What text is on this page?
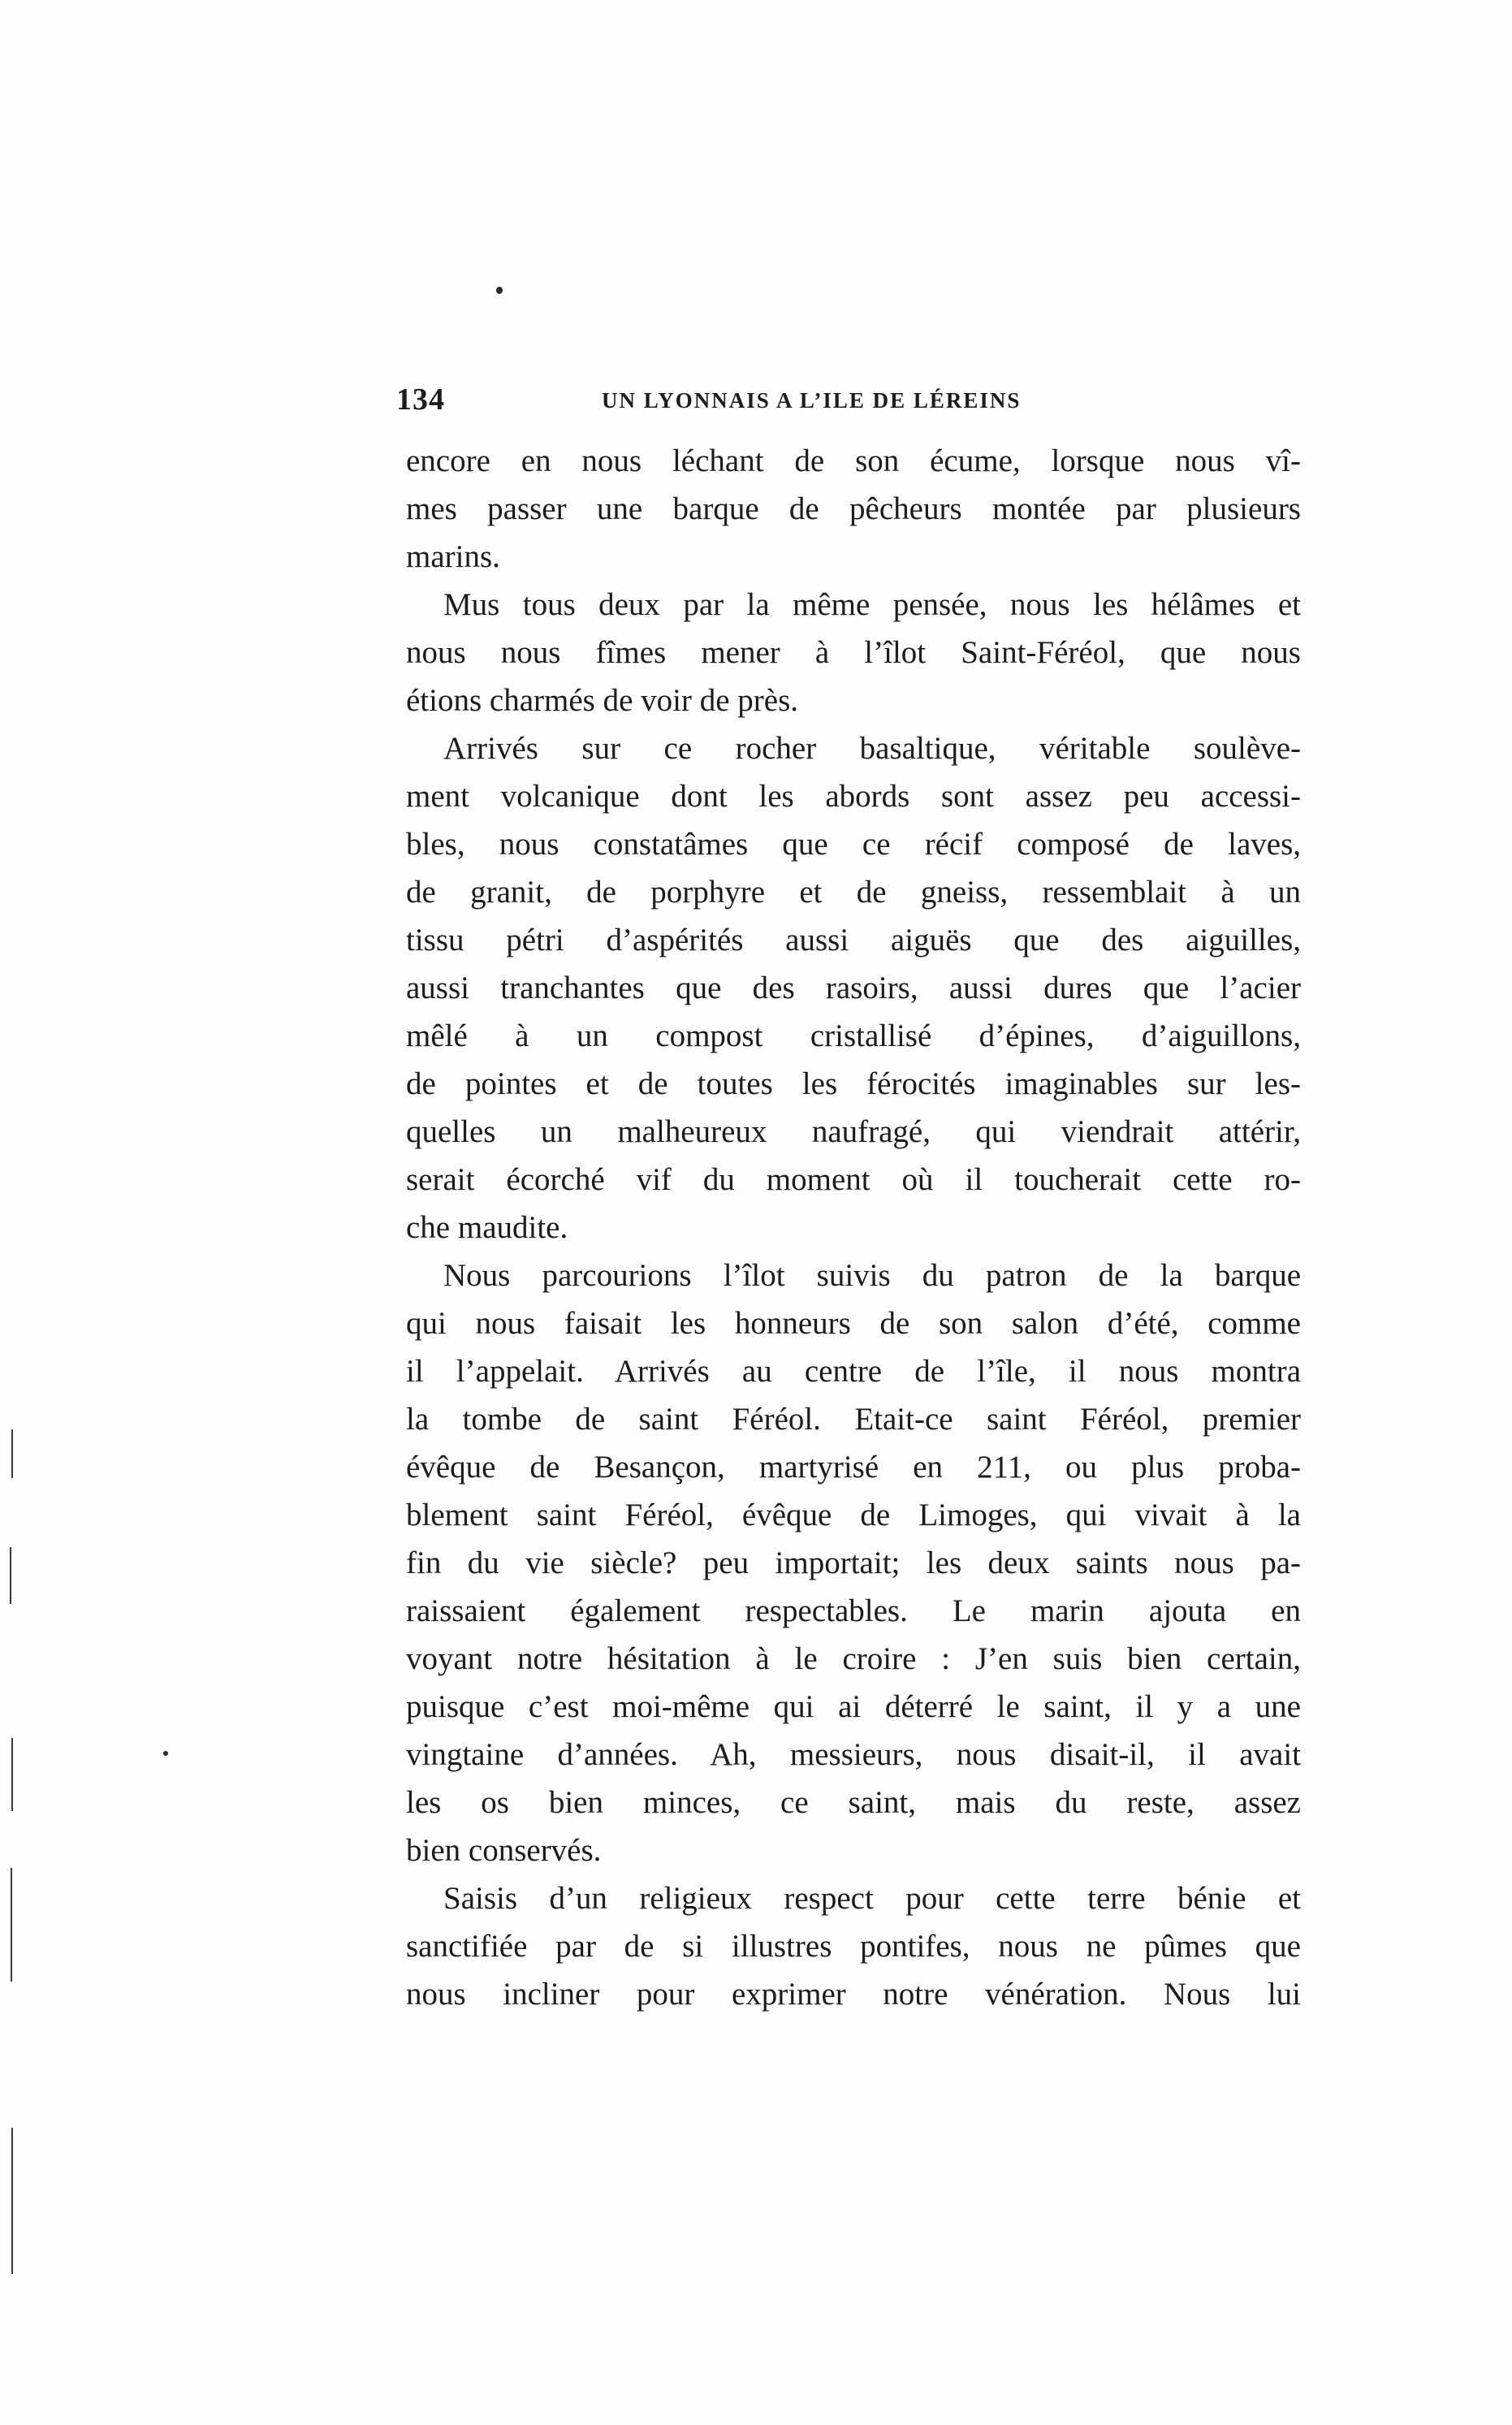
134	UN LYONNAIS A L’ILE DE LÉREINS
encore en nous léchant de son écume, lorsque nous vî-
mes passer une barque de pêcheurs montée par plusieurs
marins.
Mus tous deux par la même pensée, nous les hélâmes et
nous nous fîmes mener à l’îlot Saint-Féréol, que nous
étions charmés de voir de près.
Arrivés sur ce rocher basaltique, véritable soulève-
ment volcanique dont les abords sont assez peu accessi-
bles, nous constatâmes que ce récif composé de laves,
de granit, de porphyre et de gneiss, ressemblait à un
tissu pétri d’aspérités aussi aiguës que des aiguilles,
aussi tranchantes que des rasoirs, aussi dures que l’acier
mêlé à un compost cristallisé d’épines, d’aiguillons,
de pointes et de toutes les férocités imaginables sur les-
quelles un malheureux naufragé, qui viendrait attérir,
serait écorché vif du moment où il toucherait cette ro-
che maudite.
Nous parcourions l’îlot suivis du patron de la barque
qui nous faisait les honneurs de son salon d’été, comme
il l’appelait. Arrivés au centre de l’île, il nous montra
la tombe de saint Féréol. Etait-ce saint Féréol, premier
évêque de Besançon, martyrisé en 211, ou plus proba-
blement saint Féréol, évêque de Limoges, qui vivait à la
fin du vie siècle? peu importait; les deux saints nous pa-
raissaient également respectables. Le marin ajouta en
voyant notre hésitation à le croire : J’en suis bien certain,
puisque c’est moi-même qui ai déterré le saint, il y a une
vingtaine d’années. Ah, messieurs, nous disait-il, il avait
les os bien minces, ce saint, mais du reste, assez
bien conservés.
Saisis d’un religieux respect pour cette terre bénie et
sanctifiée par de si illustres pontifes, nous ne pûmes que
nous incliner pour exprimer notre vénération. Nous lui
